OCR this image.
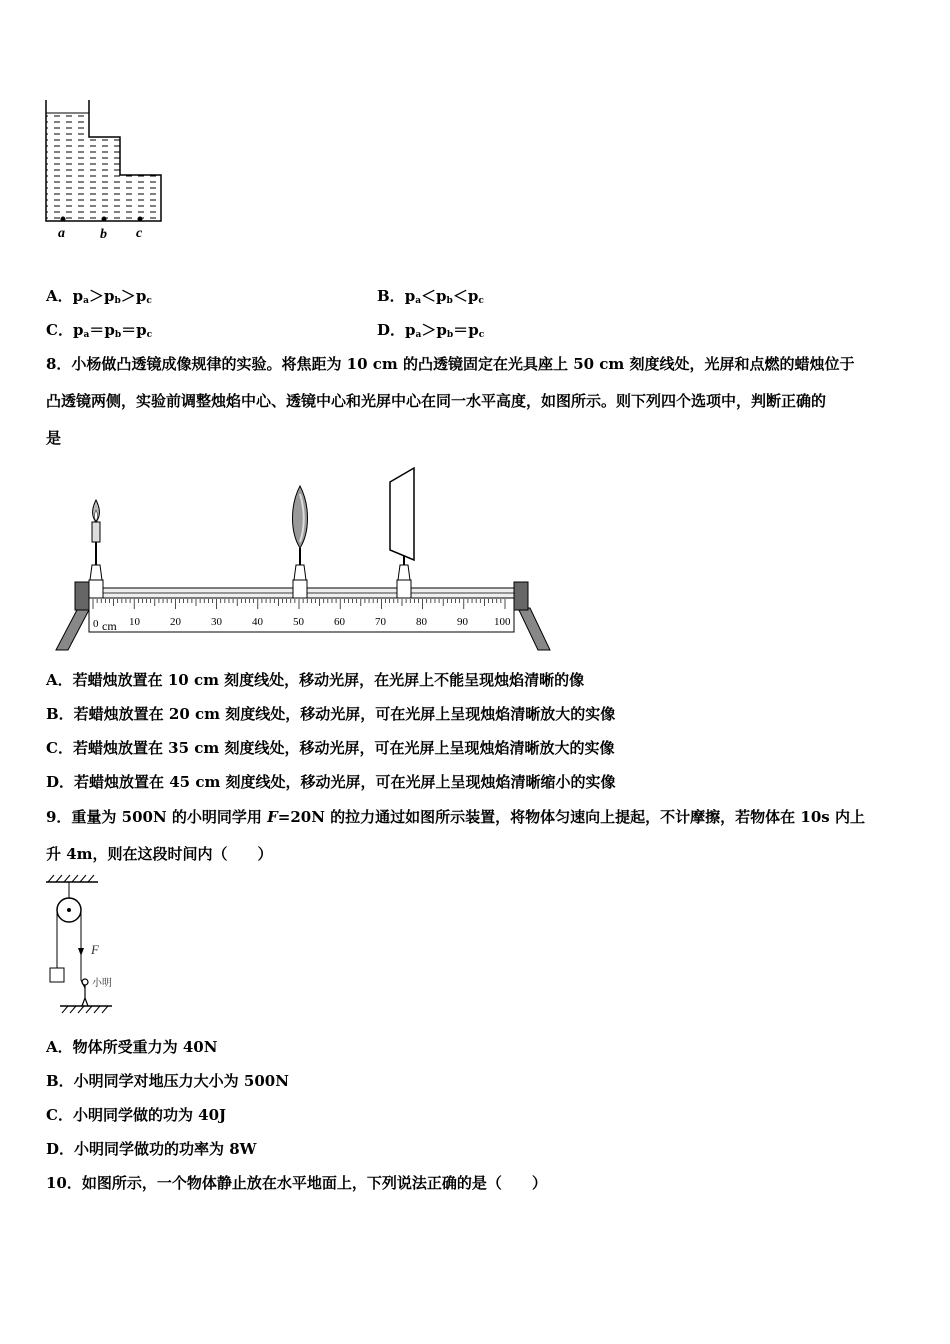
a	b c
A．$p_a>p_b>p_c$	B．$p_a<p_b<p_c$
C．$p_a=p_b=p_c$	D．$p_a>p_b=p_c$
8．小杨做凸透镜成像规律的实验。将焦距为 10 cm 的凸透镜固定在光具座上 50 cm 刻度线处，光屏和点燃的蜡烛位于
凸透镜两侧，实验前调整烛焰中心、透镜中心和光屏中心在同一水平高度，如图所示。则下列四个选项中，判断正确的
是
0 cm 10	20	30	40	50	60	70	80	90 100
A．若蜡烛放置在 10 cm 刻度线处，移动光屏，在光屏上不能呈现烛焰清晰的像
B．若蜡烛放置在 20 cm 刻度线处，移动光屏，可在光屏上呈现烛焰清晰放大的实像
C．若蜡烛放置在 35 cm 刻度线处，移动光屏，可在光屏上呈现烛焰清晰放大的实像
D．若蜡烛放置在 45 cm 刻度线处，移动光屏，可在光屏上呈现烛焰清晰缩小的实像
9．重量为 500N 的小明同学用 F=20N 的拉力通过如图所示装置，将物体匀速向上提起，不计摩擦，若物体在 10s 内上
升 4m，则在这段时间内（　　）
F
小明
A．物体所受重力为 40N
B．小明同学对地压力大小为 500N
C．小明同学做的功为 40J
D．小明同学做功的功率为 8W
10．如图所示，一个物体静止放在水平地面上，下列说法正确的是（　　）
